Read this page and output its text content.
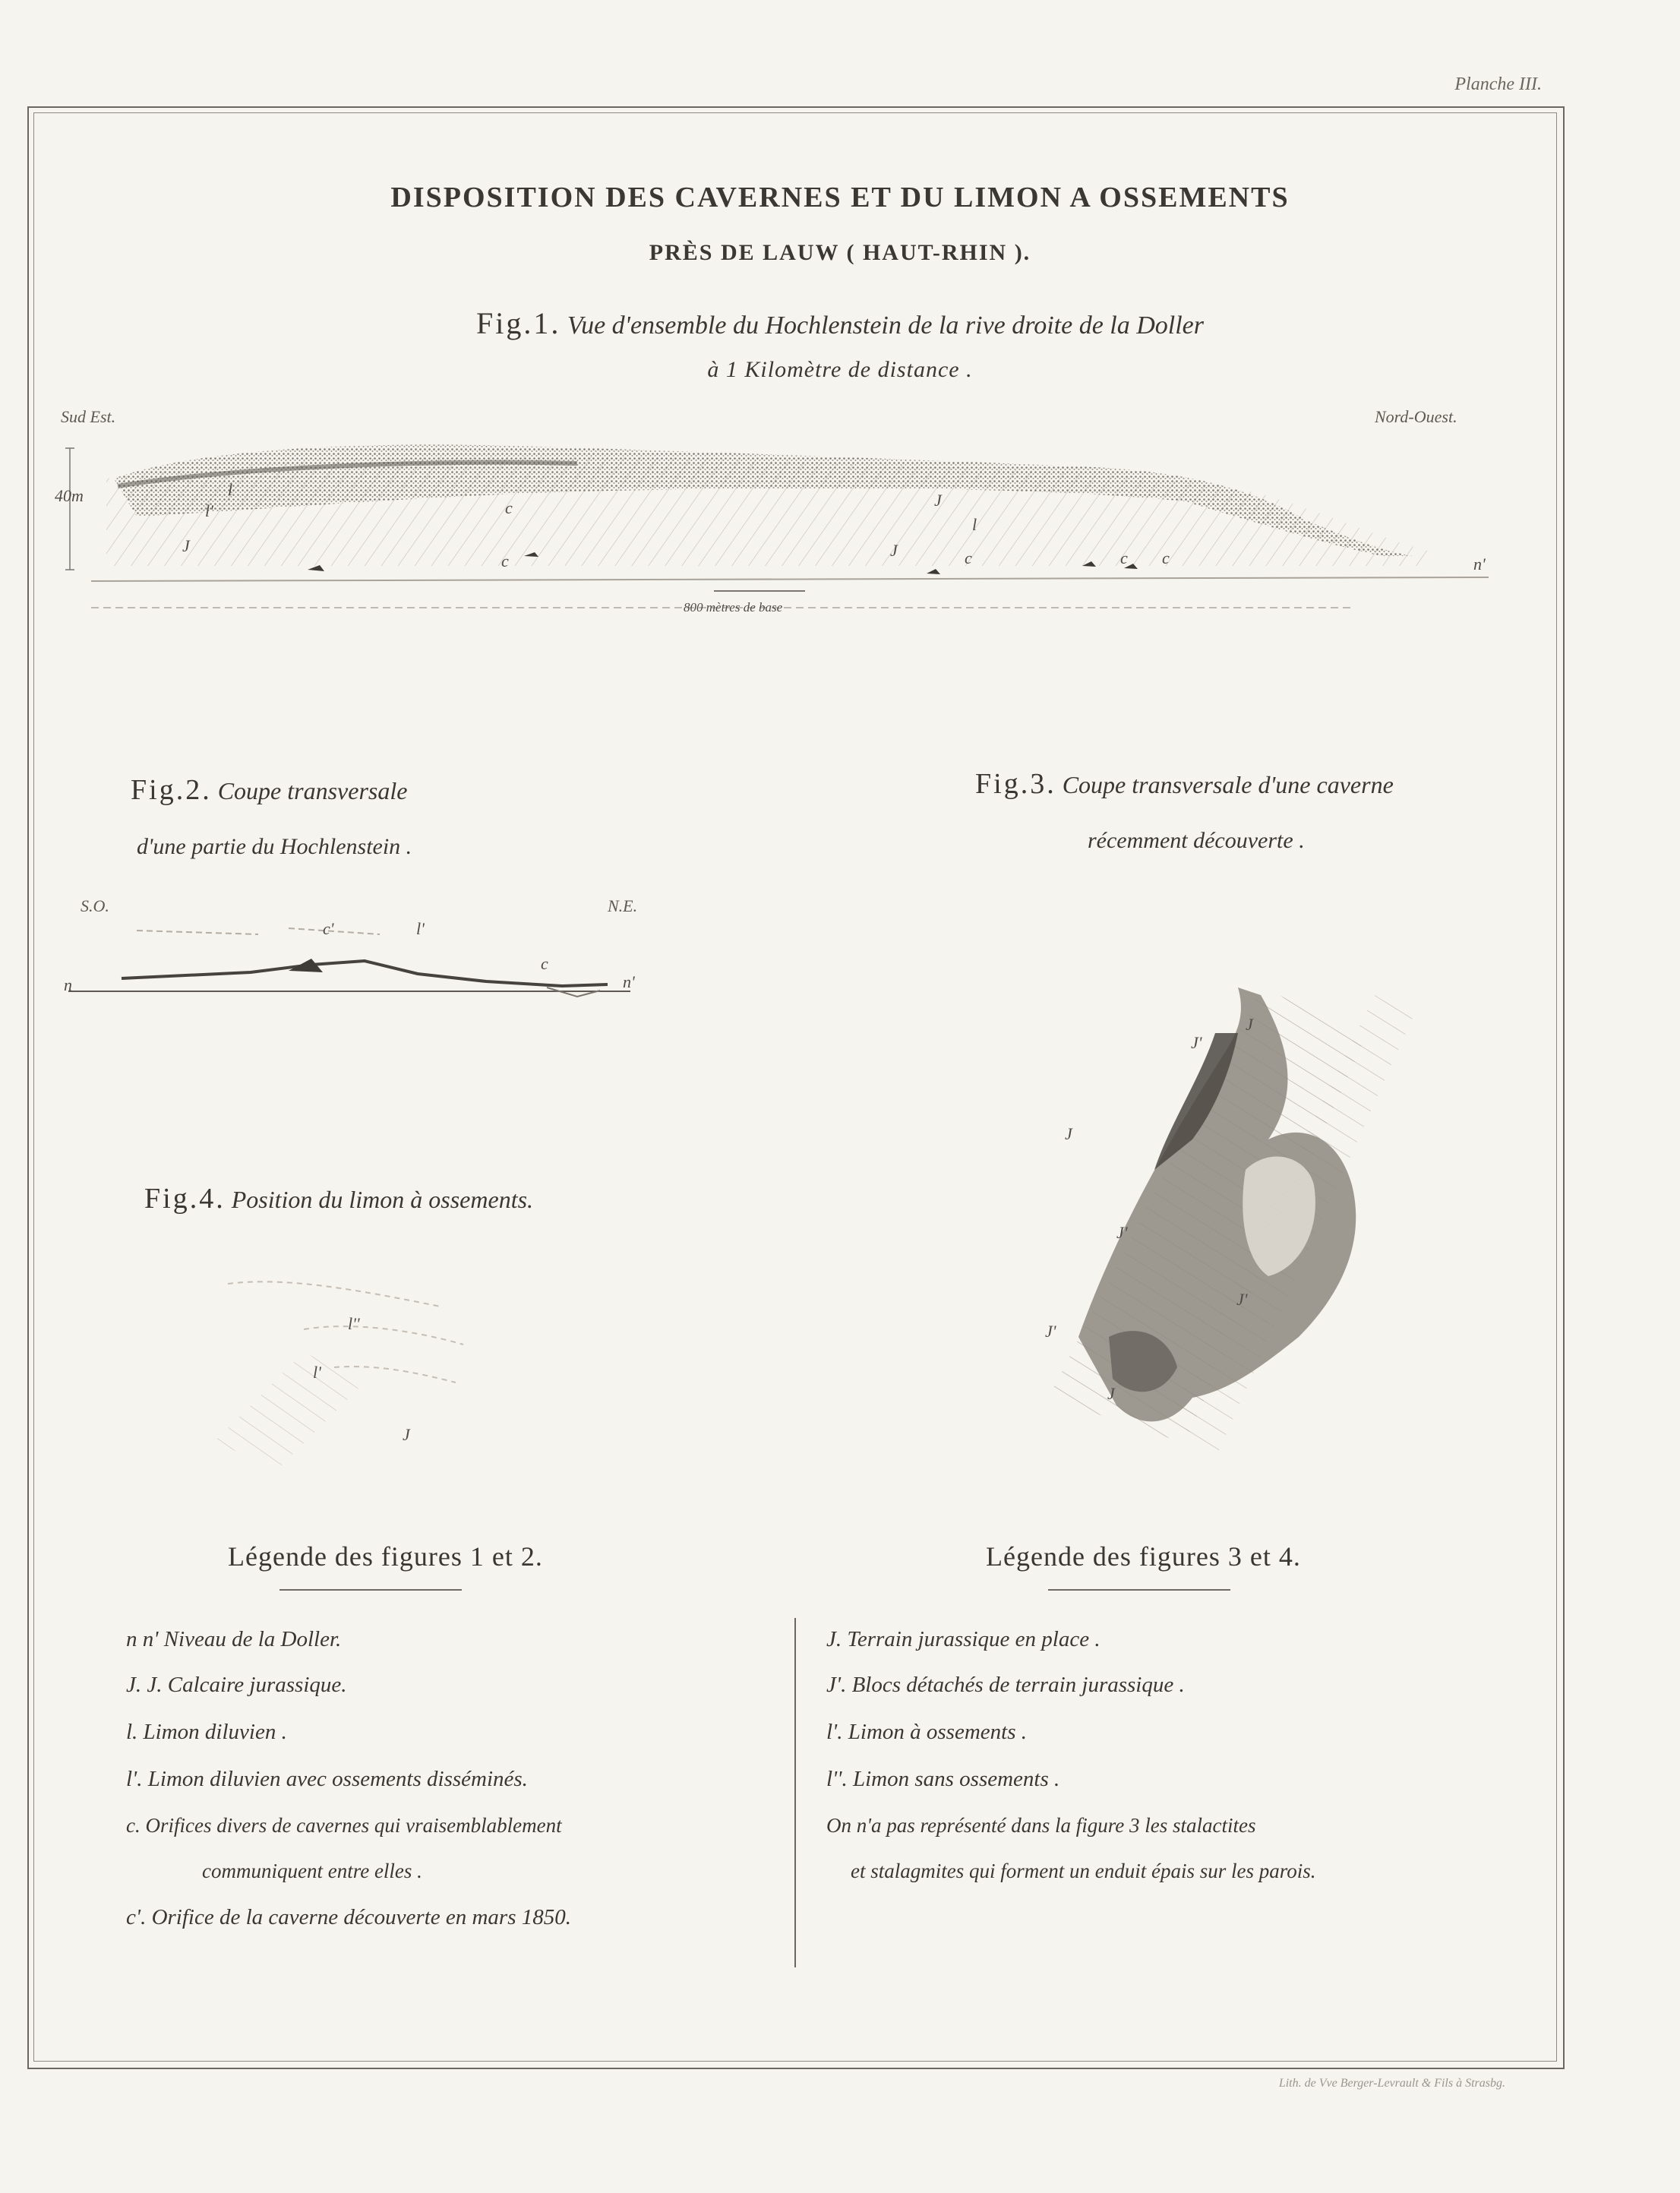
Planche III.
DISPOSITION DES CAVERNES ET DU LIMON A OSSEMENTS
PRÈS DE LAUW ( HAUT-RHIN ).
Fig.1. Vue d'ensemble du Hochlenstein de la rive droite de la Doller
à 1 Kilomètre de distance .
Sud Est.	Nord-Ouest.
40m	l
l'
J
c
c
J
J
l
c	c c	n'
800 mètres de base
Fig.2. Coupe transversale
d'une partie du Hochlenstein .
S.O.	N.E.
n
c'	l'
c
n'
Fig.3. Coupe transversale d'une caverne
récemment découverte .
J
J
J'
J'
J'
J'
J
Fig.4. Position du limon à ossements.
l''
l'
J
Légende des figures 1 et 2.	Légende des figures 3 et 4.
n n' Niveau de la Doller.
J. J. Calcaire jurassique.
l. Limon diluvien .
l'. Limon diluvien avec ossements disséminés.
c. Orifices divers de cavernes qui vraisemblablement
communiquent entre elles .
c'. Orifice de la caverne découverte en mars 1850.
J. Terrain jurassique en place .
J'. Blocs détachés de terrain jurassique .
l'. Limon à ossements .
l''. Limon sans ossements .
On n'a pas représenté dans la figure 3 les stalactites
et stalagmites qui forment un enduit épais sur les parois.
Lith. de Vve Berger-Levrault & Fils à Strasbg.
